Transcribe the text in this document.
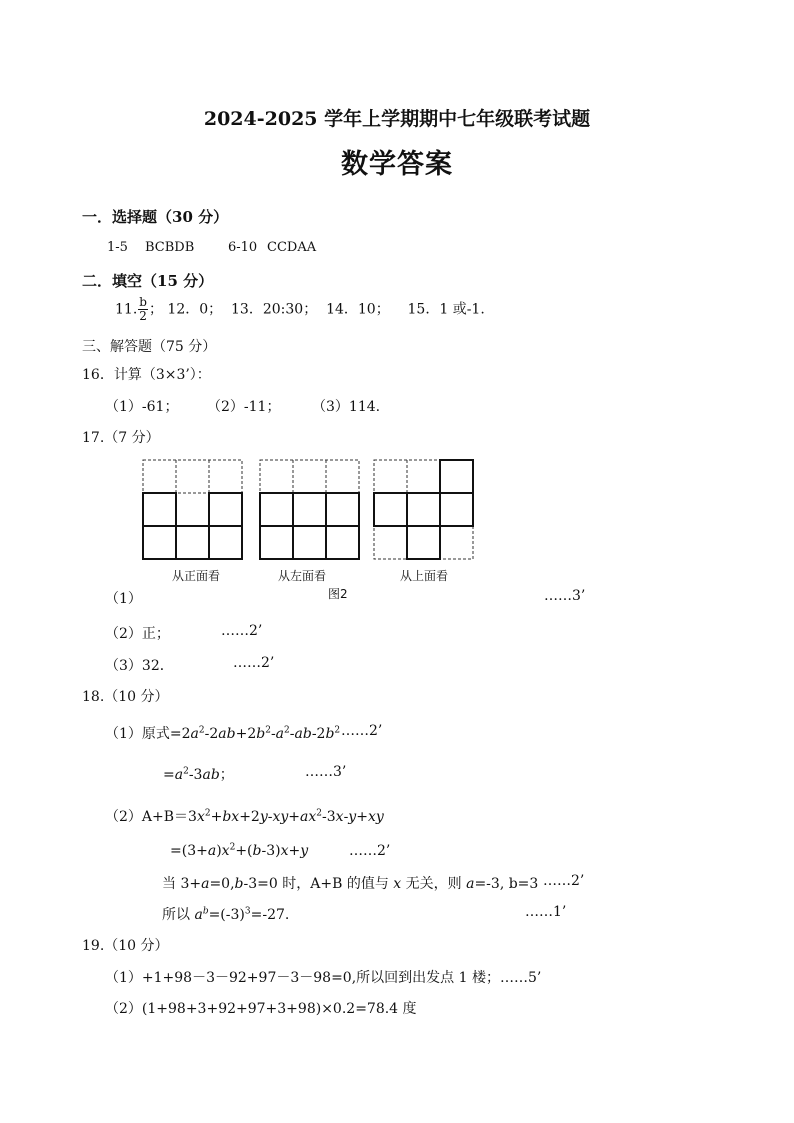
2024-2025 学年上学期期中七年级联考试题
数学答案
一．选择题（30 分）
1-5 BCBDB	6-10 CCDAA
二．填空（15 分）
11. $\frac{b}{2}$ ； 12．0；  13．20:30；  14．10；    15．1 或-1.
三、解答题（75 分）
16．计算（3×3’）：
（1）-61； （2）-11； （3）114.
17.（7 分）
从正面看	从左面看	从上面看
图2
（1）	……3’
（2）正；	……2’
（3）32．	……2’
18.（10 分）
（1）原式$=2a^2-2ab+2b^2-a^2-ab-2b^2$ ……2’
$=a^2-3ab$；	……3’
$(2)A+B=3x^2+bx+2y-xy+ax^2-3x-y+xy$
$=(3+a)x^2+(b-3)x+y$	……2’
当 3+a=0,b-3=0 时，A+B 的值与 x 无关，则 a=-3, b=3 ……2’
所以 $a^b=(-3)^3=-27$.	……1’
19.（10 分）
（1）+1+98－3－92+97－3－98=0,所以回到出发点 1 楼；……5’
（2）(1+98+3+92+97+3+98)×0.2=78.4 度
